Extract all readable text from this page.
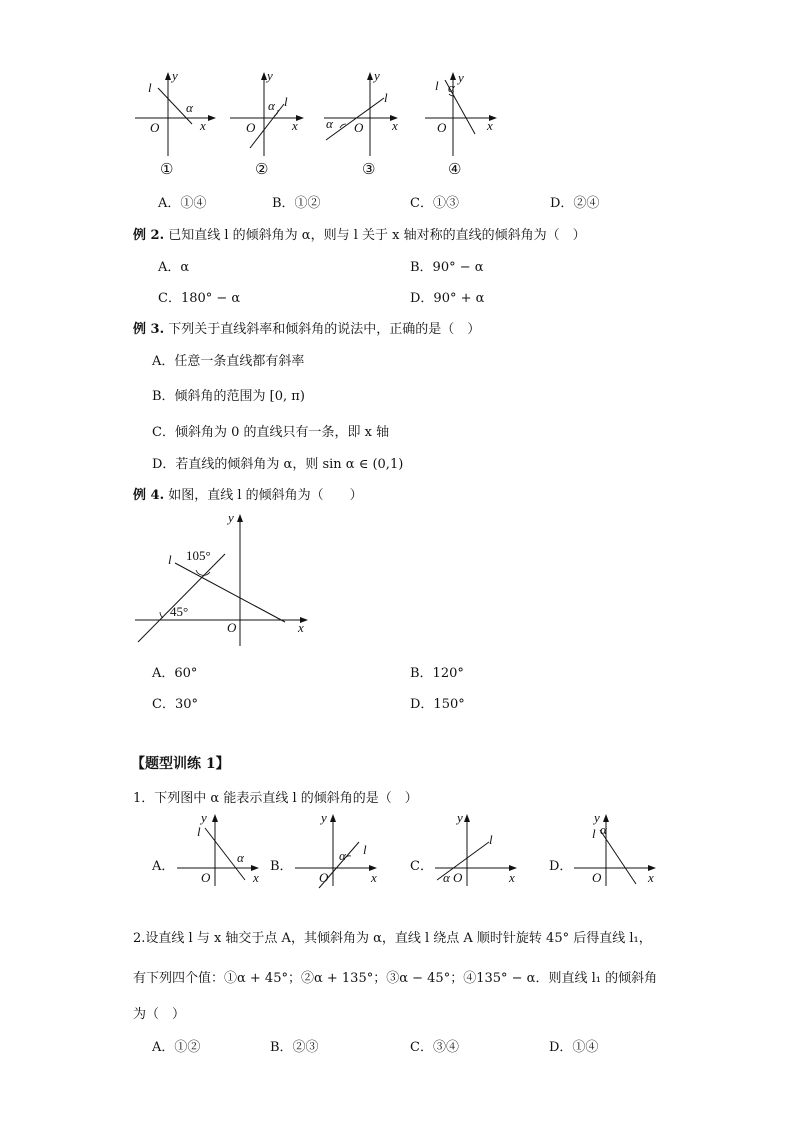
y
x
O
l
α
y
x
O
l
α
y
x
O
l
α
y
x
O
l α
①	②	③	④
A．①④	B．①②	C．①③	D．②④
例 2. 已知直线 l 的倾斜角为 α，则与 l 关于 x 轴对称的直线的倾斜角为（　）
A．α	B．90° − α
C．180° − α	D．90° + α
例 3. 下列关于直线斜率和倾斜角的说法中，正确的是（　）
A．任意一条直线都有斜率
B．倾斜角的范围为 [0, π)
C．倾斜角为 0 的直线只有一条，即 x 轴
D．若直线的倾斜角为 α，则 sin α ∈ (0,1)
例 4. 如图，直线 l 的倾斜角为（　　）
y
x
O
l 105°
45°
A．60°	B．120°
C．30°	D．150°
【题型训练 1】
1．下列图中 α 能表示直线 l 的倾斜角的是（　）
A．
y
x
O
l
α
B．
y
x
O
l
α
C．
y
x
O
l
α
D．
y
x
O
l α
2.设直线 l 与 x 轴交于点 A，其倾斜角为 α，直线 l 绕点 A 顺时针旋转 45° 后得直线 l₁，
有下列四个值：①α + 45°；②α + 135°；③α − 45°；④135° − α．则直线 l₁ 的倾斜角
为（　）
A．①②	B．②③	C．③④	D．①④
